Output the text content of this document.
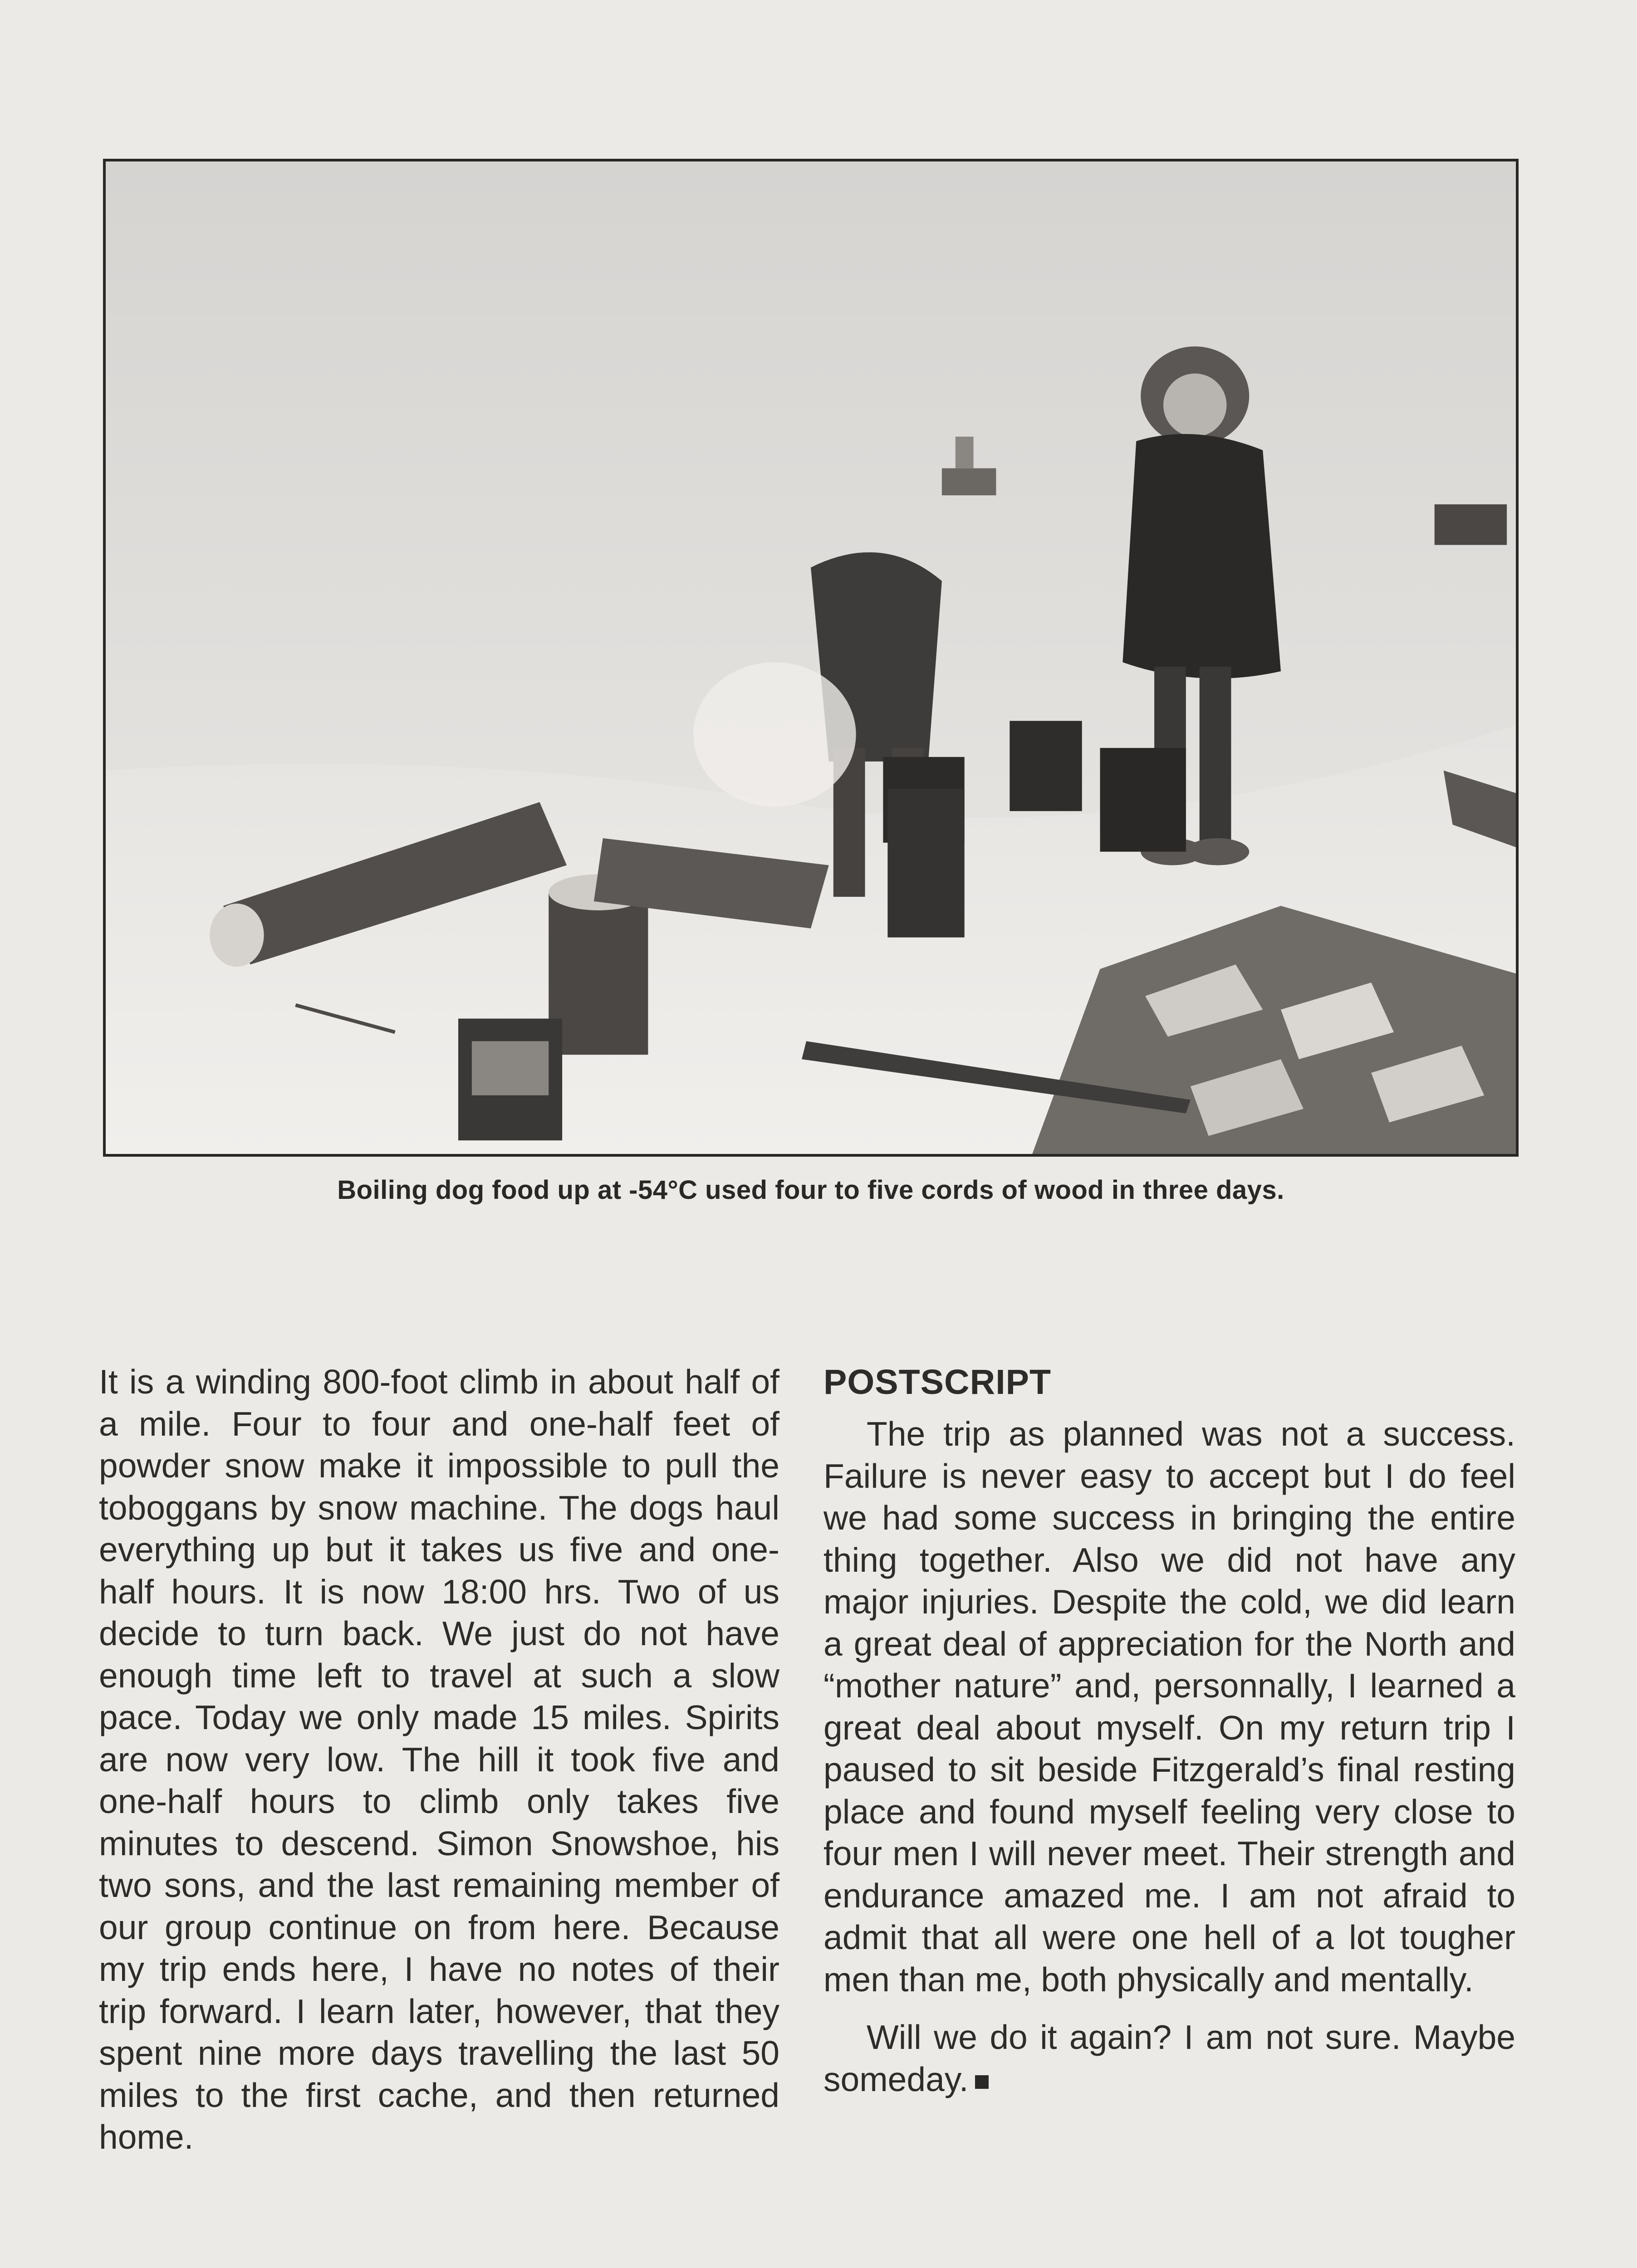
Boiling dog food up at -54°C used four to five cords of wood in three days.

It is a winding 800-foot climb in about half of a mile. Four to four and one-half feet of powder snow make it impossible to pull the toboggans by snow machine. The dogs haul everything up but it takes us five and one-half hours. It is now 18:00 hrs. Two of us decide to turn back. We just do not have enough time left to travel at such a slow pace. Today we only made 15 miles. Spirits are now very low. The hill it took five and one-half hours to climb only takes five minutes to descend. Simon Snowshoe, his two sons, and the last remaining member of our group continue on from here. Because my trip ends here, I have no notes of their trip forward. I learn later, however, that they spent nine more days travelling the last 50 miles to the first cache, and then returned home.

POSTSCRIPT

The trip as planned was not a success. Failure is never easy to accept but I do feel we had some success in bringing the entire thing together. Also we did not have any major injuries. Despite the cold, we did learn a great deal of appreciation for the North and “mother nature” and, personnally, I learned a great deal about myself. On my return trip I paused to sit beside Fitzgerald’s final resting place and found myself feeling very close to four men I will never meet. Their strength and endurance amazed me. I am not afraid to admit that all were one hell of a lot tougher men than me, both physically and mentally.

Will we do it again? I am not sure. Maybe someday.
